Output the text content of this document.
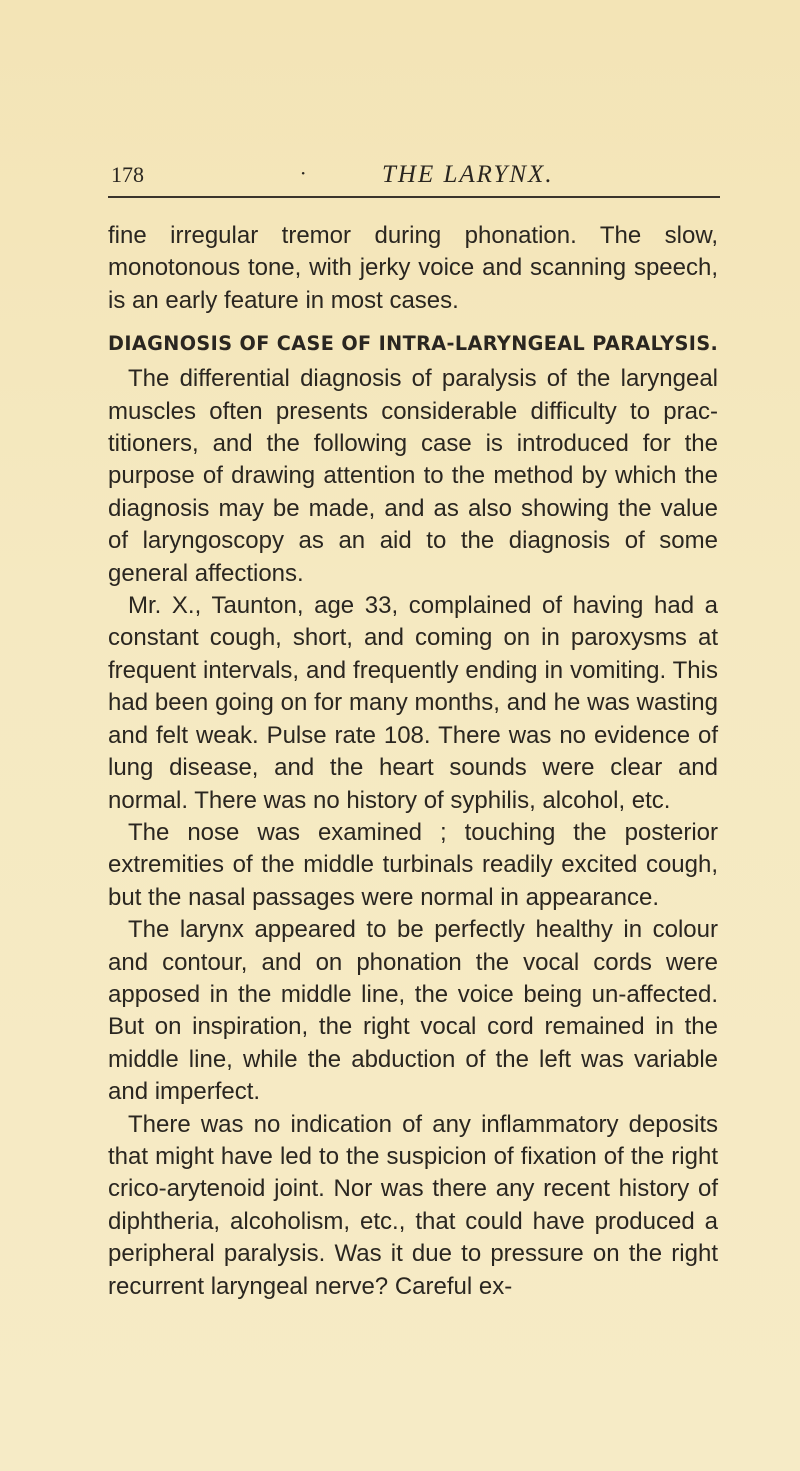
178	·	THE LARYNX.

fine irregular tremor during phonation. The slow, monotonous tone, with jerky voice and scanning speech, is an early feature in most cases.

DIAGNOSIS OF CASE OF INTRA-LARYNGEAL PARALYSIS.

The differential diagnosis of paralysis of the laryngeal muscles often presents considerable difficulty to prac-titioners, and the following case is introduced for the purpose of drawing attention to the method by which the diagnosis may be made, and as also showing the value of laryngoscopy as an aid to the diagnosis of some general affections.

Mr. X., Taunton, age 33, complained of having had a constant cough, short, and coming on in paroxysms at frequent intervals, and frequently ending in vomiting. This had been going on for many months, and he was wasting and felt weak. Pulse rate 108. There was no evidence of lung disease, and the heart sounds were clear and normal. There was no history of syphilis, alcohol, etc.

The nose was examined ; touching the posterior extremities of the middle turbinals readily excited cough, but the nasal passages were normal in appearance.

The larynx appeared to be perfectly healthy in colour and contour, and on phonation the vocal cords were apposed in the middle line, the voice being un-affected. But on inspiration, the right vocal cord remained in the middle line, while the abduction of the left was variable and imperfect.

There was no indication of any inflammatory deposits that might have led to the suspicion of fixation of the right crico-arytenoid joint. Nor was there any recent history of diphtheria, alcoholism, etc., that could have produced a peripheral paralysis. Was it due to pressure on the right recurrent laryngeal nerve? Careful ex-
